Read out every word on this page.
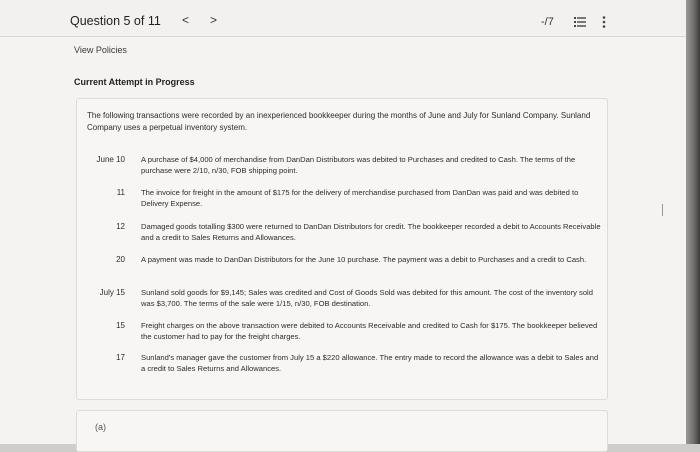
Question 5 of 11 < >	-/7
View Policies
Current Attempt in Progress
The following transactions were recorded by an inexperienced bookkeeper during the months of June and July for Sunland Company. Sunland Company uses a perpetual inventory system.
June 10 A purchase of $4,000 of merchandise from DanDan Distributors was debited to Purchases and credited to Cash. The terms of the purchase were 2/10, n/30, FOB shipping point.
11 The invoice for freight in the amount of $175 for the delivery of merchandise purchased from DanDan was paid and was debited to Delivery Expense.
12 Damaged goods totalling $300 were returned to DanDan Distributors for credit. The bookkeeper recorded a debit to Accounts Receivable and a credit to Sales Returns and Allowances.
20 A payment was made to DanDan Distributors for the June 10 purchase. The payment was a debit to Purchases and a credit to Cash.
July 15 Sunland sold goods for $9,145; Sales was credited and Cost of Goods Sold was debited for this amount. The cost of the inventory sold was $3,700. The terms of the sale were 1/15, n/30, FOB destination.
15 Freight charges on the above transaction were debited to Accounts Receivable and credited to Cash for $175. The bookkeeper believed the customer had to pay for the freight charges.
17 Sunland's manager gave the customer from July 15 a $220 allowance. The entry made to record the allowance was a debit to Sales and a credit to Sales Returns and Allowances.
(a)
